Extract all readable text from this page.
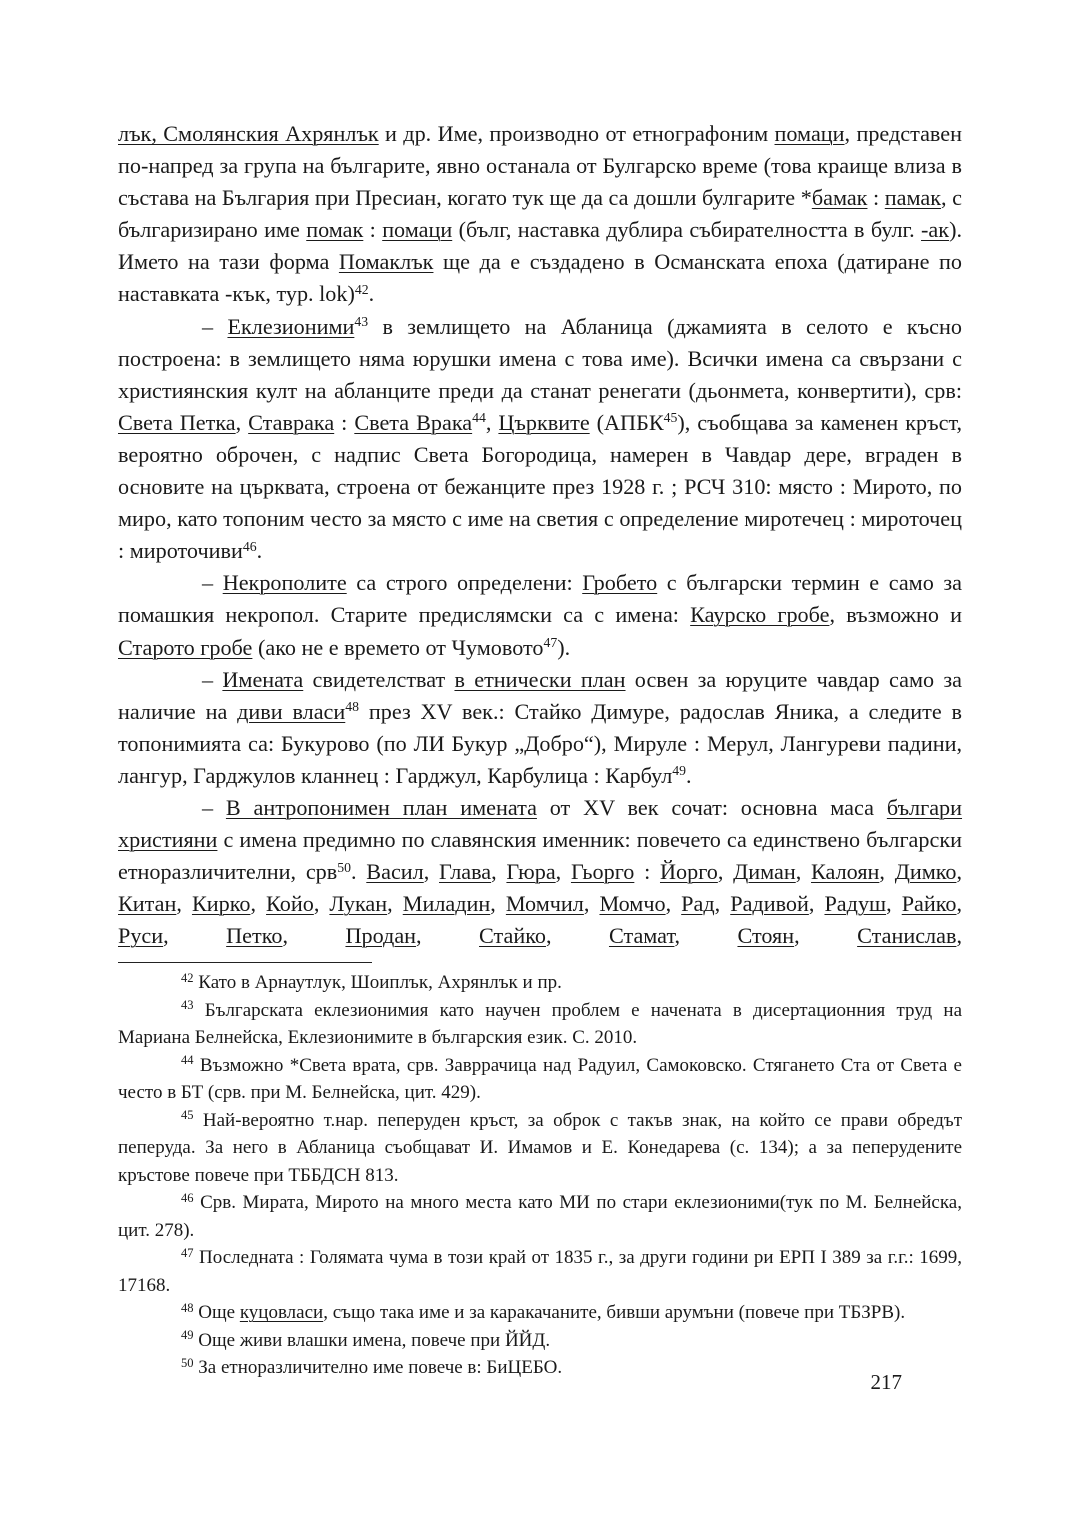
лък, Смолянския Ахрянлък и др. Име, производно от етнографоним помаци, представен по-напред за група на българите, явно останала от Булгарско време (това краище влиза в състава на България при Пресиан, когато тук ще да са дошли булгарите *бамак : памак, с българизирано име помак : помаци (бълг, наставка дублира събирателността в булг. -ак). Името на тази форма Помаклък ще да е създадено в Османската епоха (датиране по наставката -кък, тур. lok)$^{42}$.

– Еклезионими$^{43}$ в землището на Абланица (джамията в селото е късно построена: в землището няма юрушки имена с това име). Всички имена са свързани с християнския култ на абланците преди да станат ренегати (дьонмета, конвертити), срв: Света Петка, Ставрака : Света Врака$^{44}$, Църквите (АПБК$^{45}$), съобщава за каменен кръст, вероятно оброчен, с надпис Света Богородица, намерен в Чавдар дере, вграден в основите на църквата, строена от бежанците през 1928 г. ; РСЧ 310: място : Мирото, по миро, като топоним често за място с име на светия с определение миротечец : мироточец : мироточиви$^{46}$.

– Некрополите са строго определени: Гробето с български термин е само за помашкия некропол. Старите предислямски са с имена: Каурско гробе, възможно и Старото гробе (ако не е времето от Чумовото$^{47}$).

– Имената свидетелстват в етнически план освен за юруците чавдар само за наличие на диви власи$^{48}$ през XV век.: Стайко Димуре, радослав Яника, а следите в топонимията са: Букурово (по ЛИ Букур „Добро“), Мируле : Мерул, Лангуреви падини, лангур, Гарджулов кланнец : Гарджул, Карбулица : Карбул$^{49}$.

– В антропонимен план имената от XV век сочат: основна маса българи християни с имена предимно по славянския именник: повечето са единствено български етноразличителни, срв$^{50}$. Васил, Глава, Гюра, Гьорго : Йорго, Диман, Калоян, Димко, Китан, Кирко, Койо, Лукан, Миладин, Момчил, Момчо, Рад, Радивой, Радуш, Райко, Руси, Петко, Продан, Стайко, Стамат, Стоян, Станислав,

$^{42}$ Като в Арнаутлук, Шоиплък, Ахрянлък и пр.

$^{43}$ Българската еклезионимия като научен проблем е начената в дисертационния труд на Мариана Белнейска, Еклезионимите в българския език. С. 2010.

$^{44}$ Възможно *Света врата, срв. Завррачица над Радуил, Самоковско. Стягането Ста от Света е често в БТ (срв. при М. Белнейска, цит. 429).

$^{45}$ Най-вероятно т.нар. пеперуден кръст, за оброк с такъв знак, на който се прави обредът пеперуда. За него в Абланица съобщават И. Имамов и Е. Конедарева (с. 134); а за пеперудените кръстове повече при ТББДСН 813.

$^{46}$ Срв. Мирата, Мирото на много места като МИ по стари еклезионими(тук по М. Белнейска, цит. 278).

$^{47}$ Последната : Голямата чума в този край от 1835 г., за други години ри ЕРП I 389 за г.г.: 1699, 17168.

$^{48}$ Още куцовласи, също така име и за каракачаните, бивши арумъни (повече при ТБЗРВ).

$^{49}$ Още живи влашки имена, повече при ЙЙД.

$^{50}$ За етноразличително име повече в: БиЦЕБО.

217
